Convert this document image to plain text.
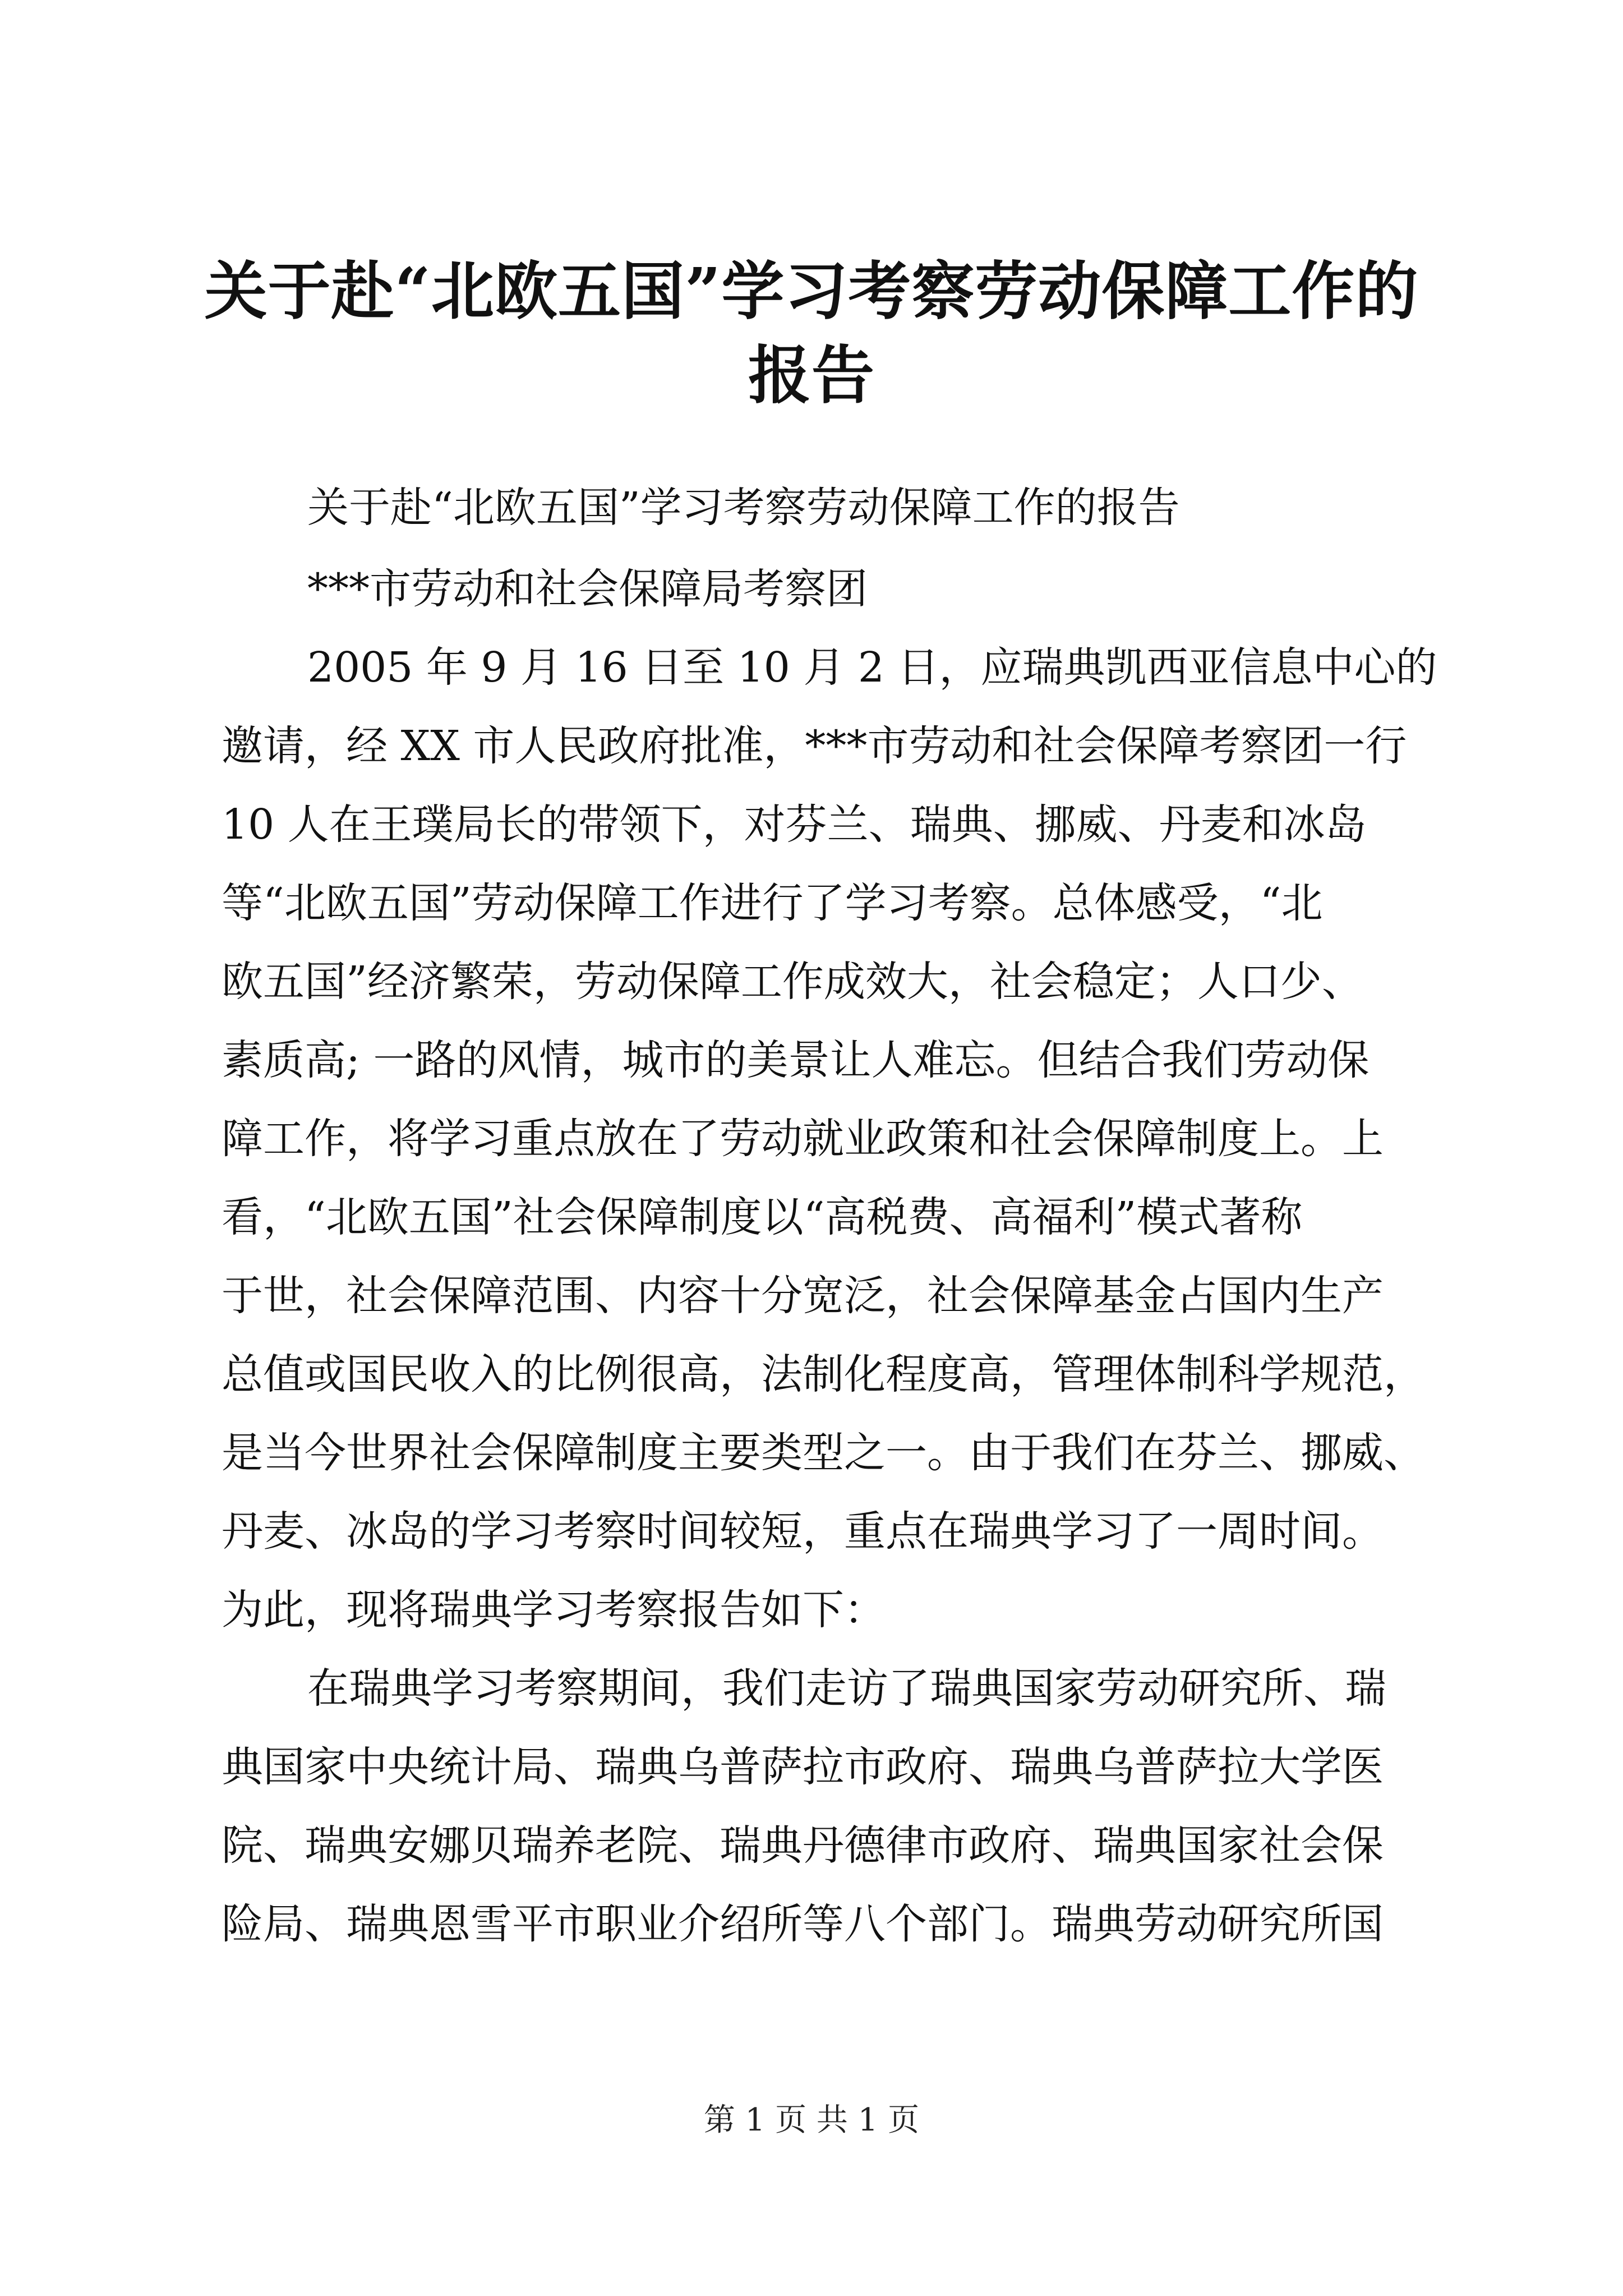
关于赴“北欧五国”学习考察劳动保障工作的
报告

关于赴“北欧五国”学习考察劳动保障工作的报告

***市劳动和社会保障局考察团

2005 年 9 月 16 日至 10 月 2 日，应瑞典凯西亚信息中心的

邀请，经 XX 市人民政府批准，***市劳动和社会保障考察团一行

10 人在王璞局长的带领下，对芬兰、瑞典、挪威、丹麦和冰岛

等“北欧五国”劳动保障工作进行了学习考察。总体感受，“北

欧五国”经济繁荣，劳动保障工作成效大，社会稳定；人口少、

素质高; 一路的风情，城市的美景让人难忘。但结合我们劳动保

障工作，将学习重点放在了劳动就业政策和社会保障制度上。上

看，“北欧五国”社会保障制度以“高税费、高福利”模式著称

于世，社会保障范围、内容十分宽泛，社会保障基金占国内生产

总值或国民收入的比例很高，法制化程度高，管理体制科学规范，

是当今世界社会保障制度主要类型之一。由于我们在芬兰、挪威、

丹麦、冰岛的学习考察时间较短，重点在瑞典学习了一周时间。

为此，现将瑞典学习考察报告如下：

在瑞典学习考察期间，我们走访了瑞典国家劳动研究所、瑞

典国家中央统计局、瑞典乌普萨拉市政府、瑞典乌普萨拉大学医

院、瑞典安娜贝瑞养老院、瑞典丹德律市政府、瑞典国家社会保

险局、瑞典恩雪平市职业介绍所等八个部门。瑞典劳动研究所国

第 1 页 共 1 页
